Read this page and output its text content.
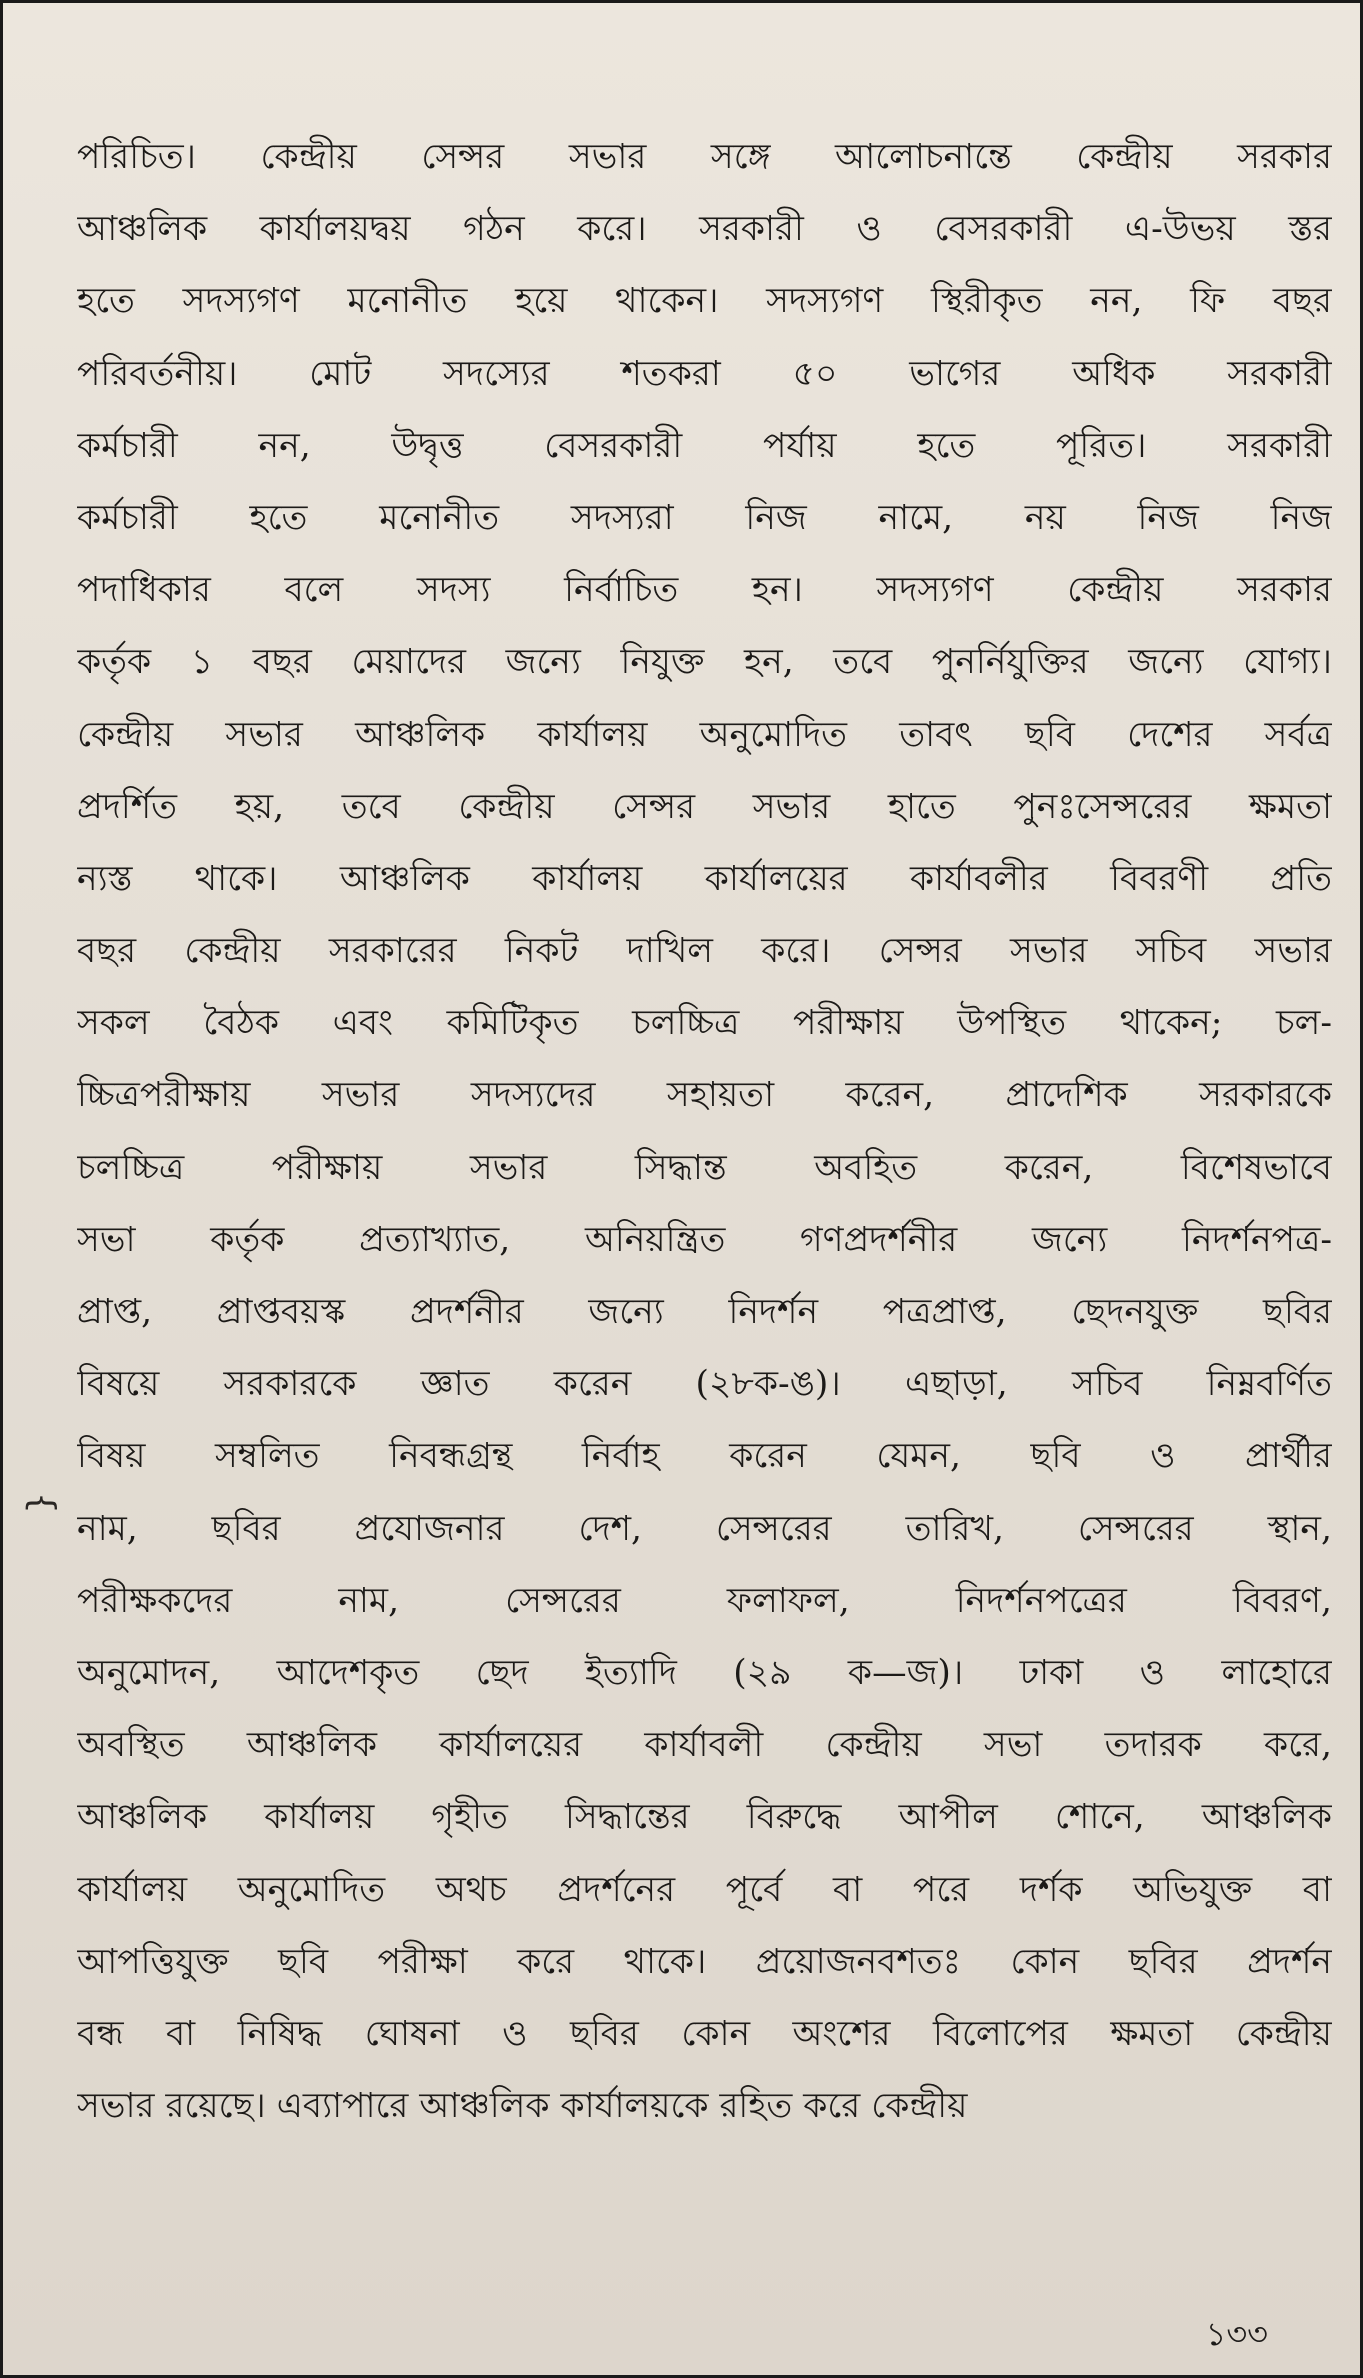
পরিচিত। কেন্দ্রীয় সেন্সর সভার সঙ্গে আলোচনান্তে কেন্দ্রীয় সরকার
আঞ্চলিক কার্যালয়দ্বয় গঠন করে। সরকারী ও বেসরকারী এ-উভয় স্তর
হতে সদস্যগণ মনোনীত হয়ে থাকেন। সদস্যগণ স্থিরীকৃত নন, ফি বছর
পরিবর্তনীয়। মোট সদস্যের শতকরা ৫০ ভাগের অধিক সরকারী
কর্মচারী নন, উদ্বৃত্ত বেসরকারী পর্যায় হতে পূরিত। সরকারী
কর্মচারী হতে মনোনীত সদস্যরা নিজ নামে, নয় নিজ নিজ
পদাধিকার বলে সদস্য নির্বাচিত হন। সদস্যগণ কেন্দ্রীয় সরকার
কর্তৃক ১ বছর মেয়াদের জন্যে নিযুক্ত হন, তবে পুনর্নিযুক্তির জন্যে যোগ্য।
কেন্দ্রীয় সভার আঞ্চলিক কার্যালয় অনুমোদিত তাবৎ ছবি দেশের সর্বত্র
প্রদর্শিত হয়, তবে কেন্দ্রীয় সেন্সর সভার হাতে পুনঃসেন্সরের ক্ষমতা
ন্যস্ত থাকে। আঞ্চলিক কার্যালয় কার্যালয়ের কার্যাবলীর বিবরণী প্রতি
বছর কেন্দ্রীয় সরকারের নিকট দাখিল করে। সেন্সর সভার সচিব সভার
সকল বৈঠক এবং কমিটিকৃত চলচ্চিত্র পরীক্ষায় উপস্থিত থাকেন; চল-
চ্চিত্রপরীক্ষায় সভার সদস্যদের সহায়তা করেন, প্রাদেশিক সরকারকে
চলচ্চিত্র পরীক্ষায় সভার সিদ্ধান্ত অবহিত করেন, বিশেষভাবে
সভা কর্তৃক প্রত্যাখ্যাত, অনিয়ন্ত্রিত গণপ্রদর্শনীর জন্যে নিদর্শনপত্র-
প্রাপ্ত, প্রাপ্তবয়স্ক প্রদর্শনীর জন্যে নিদর্শন পত্রপ্রাপ্ত, ছেদনযুক্ত ছবির
বিষয়ে সরকারকে জ্ঞাত করেন (২৮ক-ঙ)। এছাড়া, সচিব নিম্নবর্ণিত
বিষয় সম্বলিত নিবন্ধগ্রন্থ নির্বাহ করেন যেমন, ছবি ও প্রার্থীর
নাম, ছবির প্রযোজনার দেশ, সেন্সরের তারিখ, সেন্সরের স্থান,
পরীক্ষকদের নাম, সেন্সরের ফলাফল, নিদর্শনপত্রের বিবরণ,
অনুমোদন, আদেশকৃত ছেদ ইত্যাদি (২৯ ক—জ)। ঢাকা ও লাহোরে
অবস্থিত আঞ্চলিক কার্যালয়ের কার্যাবলী কেন্দ্রীয় সভা তদারক করে,
আঞ্চলিক কার্যালয় গৃহীত সিদ্ধান্তের বিরুদ্ধে আপীল শোনে, আঞ্চলিক
কার্যালয় অনুমোদিত অথচ প্রদর্শনের পূর্বে বা পরে দর্শক অভিযুক্ত বা
আপত্তিযুক্ত ছবি পরীক্ষা করে থাকে। প্রয়োজনবশতঃ কোন ছবির প্রদর্শন
বন্ধ বা নিষিদ্ধ ঘোষনা ও ছবির কোন অংশের বিলোপের ক্ষমতা কেন্দ্রীয়
সভার রয়েছে। এব্যাপারে আঞ্চলিক কার্যালয়কে রহিত করে কেন্দ্রীয়
{
১৩৩
